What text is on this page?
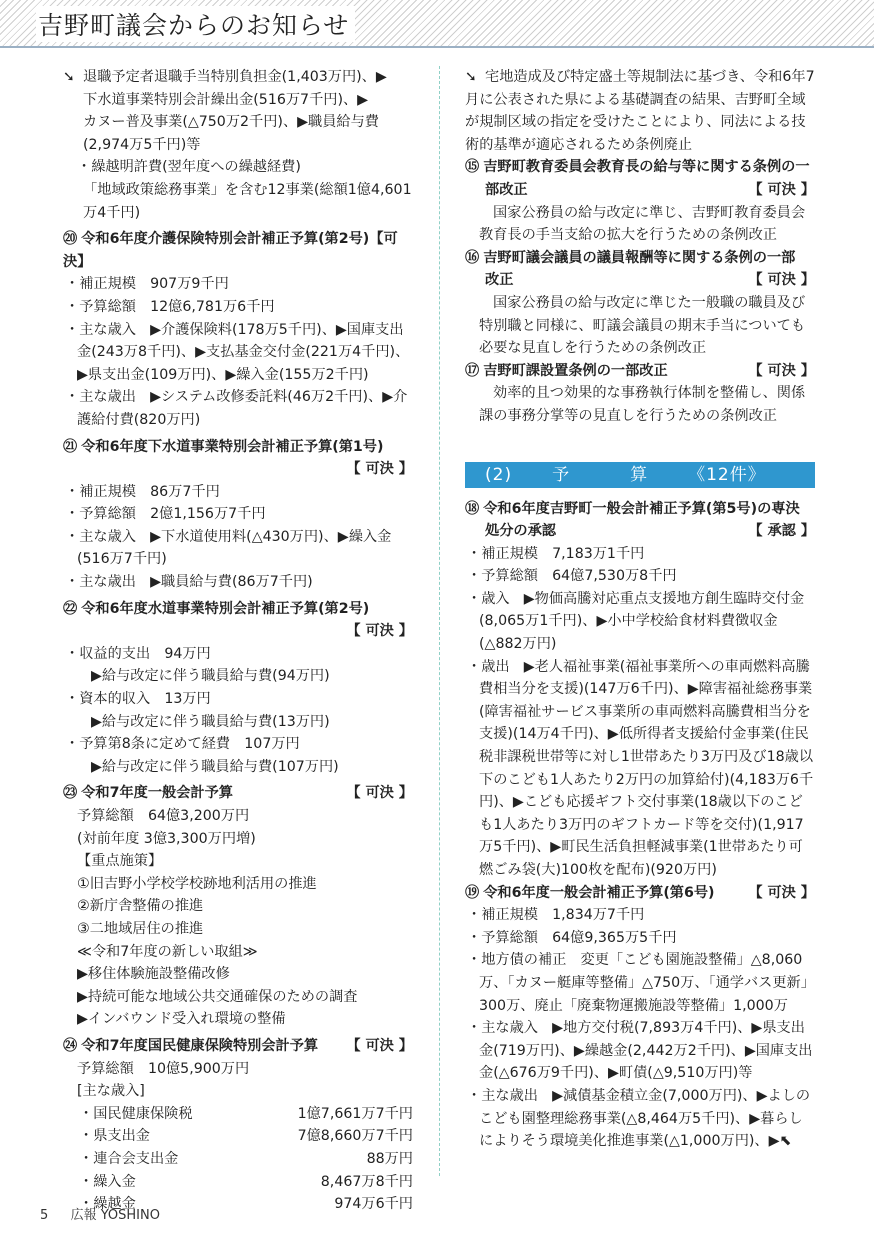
吉野町議会からのお知らせ
➘ 退職予定者退職手当特別負担金(1,403万円)、▶
下水道事業特別会計繰出金(516万7千円)、▶
カヌー普及事業(△750万2千円)、▶職員給与費
(2,974万5千円)等
・繰越明許費(翌年度への繰越経費)
「地域政策総務事業」を含む12事業(総額1億4,601万4千円)
⑳ 令和6年度介護保険特別会計補正予算(第2号)【可決】
・補正規模　907万9千円
・予算総額　12億6,781万6千円
・主な歳入　▶介護保険料(178万5千円)、▶国庫支出金(243万8千円)、▶支払基金交付金(221万4千円)、▶県支出金(109万円)、▶繰入金(155万2千円)
・主な歳出　▶システム改修委託料(46万2千円)、▶介護給付費(820万円)
㉑ 令和6年度下水道事業特別会計補正予算(第1号)
【 可決 】
・補正規模　86万7千円
・予算総額　2億1,156万7千円
・主な歳入　▶下水道使用料(△430万円)、▶繰入金(516万7千円)
・主な歳出　▶職員給与費(86万7千円)
㉒ 令和6年度水道事業特別会計補正予算(第2号)
【 可決 】
・収益的支出　94万円
▶給与改定に伴う職員給与費(94万円)
・資本的収入　13万円
▶給与改定に伴う職員給与費(13万円)
・予算第8条に定めて経費　107万円
▶給与改定に伴う職員給与費(107万円)
㉓ 令和7年度一般会計予算	【 可決 】
予算総額　64億3,200万円
(対前年度 3億3,300万円増)
【重点施策】
①旧吉野小学校学校跡地利活用の推進
②新庁舎整備の推進
③二地域居住の推進
≪令和7年度の新しい取組≫
▶移住体験施設整備改修
▶持続可能な地域公共交通確保のための調査
▶インバウンド受入れ環境の整備
㉔ 令和7年度国民健康保険特別会計予算 【 可決 】
予算総額　10億5,900万円
[主な歳入]
・国民健康保険税	1億7,661万7千円
・県支出金	7億8,660万7千円
・連合会支出金	88万円
・繰入金	8,467万8千円
・繰越金	974万6千円
➘ 宅地造成及び特定盛土等規制法に基づき、令和6年7月に公表された県による基礎調査の結果、吉野町全域が規制区域の指定を受けたことにより、同法による技術的基準が適応されるため条例廃止
⑮ 吉野町教育委員会教育長の給与等に関する条例の一
部改正	【 可決 】
国家公務員の給与改定に準じ、吉野町教育委員会教育長の手当支給の拡大を行うための条例改正
⑯ 吉野町議会議員の議員報酬等に関する条例の一部
改正	【 可決 】
国家公務員の給与改定に準じた一般職の職員及び特別職と同様に、町議会議員の期末手当についても必要な見直しを行うための条例改正
⑰ 吉野町課設置条例の一部改正	【 可決 】
効率的且つ効果的な事務執行体制を整備し、関係課の事務分掌等の見直しを行うための条例改正
(2) 予	算 《12件》
⑱ 令和6年度吉野町一般会計補正予算(第5号)の専決
処分の承認	【 承認 】
・補正規模　7,183万1千円
・予算総額　64億7,530万8千円
・歳入　▶物価高騰対応重点支援地方創生臨時交付金(8,065万1千円)、▶小中学校給食材料費徴収金(△882万円)
・歳出　▶老人福祉事業(福祉事業所への車両燃料高騰費相当分を支援)(147万6千円)、▶障害福祉総務事業(障害福祉サービス事業所の車両燃料高騰費相当分を支援)(14万4千円)、▶低所得者支援給付金事業(住民税非課税世帯等に対し1世帯あたり3万円及び18歳以下のこども1人あたり2万円の加算給付)(4,183万6千円)、▶こども応援ギフト交付事業(18歳以下のこども1人あたり3万円のギフトカード等を交付)(1,917万5千円)、▶町民生活負担軽減事業(1世帯あたり可燃ごみ袋(大)100枚を配布)(920万円)
⑲ 令和6年度一般会計補正予算(第6号) 【 可決 】
・補正規模　1,834万7千円
・予算総額　64億9,365万5千円
・地方債の補正　変更「こども園施設整備」△8,060万、「カヌー艇庫等整備」△750万、「通学バス更新」300万、廃止「廃棄物運搬施設等整備」1,000万
・主な歳入　▶地方交付税(7,893万4千円)、▶県支出金(719万円)、▶繰越金(2,442万2千円)、▶国庫支出金(△676万9千円)、▶町債(△9,510万円)等
・主な歳出　▶減債基金積立金(7,000万円)、▶よしのこども園整理総務事業(△8,464万5千円)、▶暮らしによりそう環境美化推進事業(△1,000万円)、▶⬉
5 広報 YOSHINO
